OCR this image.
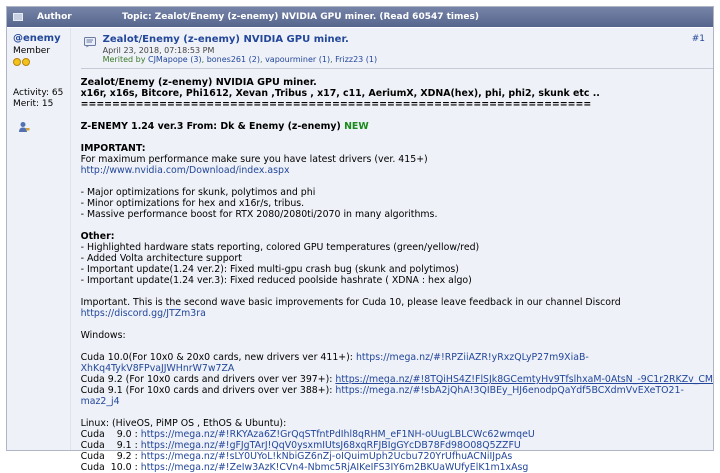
Author	Topic: Zealot/Enemy (z-enemy) NVIDIA GPU miner. (Read 60547 times)
@enemy
Member
Activity: 65
Merit: 15
Zealot/Enemy (z-enemy) NVIDIA GPU miner.
April 23, 2018, 07:18:53 PM
Merited by CJMapope (3), bones261 (2), vapourminer (1), Frizz23 (1)
#1
Zealot/Enemy (z-enemy) NVIDIA GPU miner.
x16r, x16s, Bitcore, Phi1612, Xevan ,Tribus , x17, c11, AeriumX, XDNA(hex), phi, phi2, skunk etc ..
=================================================================
Z-ENEMY 1.24 ver.3 From: Dk & Enemy (z-enemy) NEW
IMPORTANT:
For maximum performance make sure you have latest drivers (ver. 415+)
http://www.nvidia.com/Download/index.aspx
- Major optimizations for skunk, polytimos and phi
- Minor optimizations for hex and x16r/s, tribus.
- Massive performance boost for RTX 2080/2080ti/2070 in many algorithms.
Other:
- Highlighted hardware stats reporting, colored GPU temperatures (green/yellow/red)
- Added Volta architecture support
- Important update(1.24 ver.2): Fixed multi-gpu crash bug (skunk and polytimos)
- Important update(1.24 ver.3): Fixed reduced poolside hashrate ( XDNA : hex algo)
Important. This is the second wave basic improvements for Cuda 10, please leave feedback in our channel Discord
https://discord.gg/JTZm3ra
Windows:
Cuda 10.0(For 10x0 & 20x0 cards, new drivers ver 411+): https://mega.nz/#!RPZiiAZR!yRxzQLyP27m9XiaB-
XhKq4TykV8FPvaJJWHnrW7w7ZA
Cuda 9.2 (For 10x0 cards and drivers over ver 397+): https://mega.nz/#!8TQiHS4Z!FlSJk8GCemtyHv9TfslhxaM-0AtsN_-9C1r2RKZv_CM
Cuda 9.1 (For 10x0 cards and drivers over ver 388+): https://mega.nz/#!sbA2jQhA!3QIBEy_HJ6enodpQaYdf5BCXdmVvEXeTO21-
maz2_j4
Linux: (HiveOS, PiMP OS , EthOS & Ubuntu):
Cuda    9.0 : https://mega.nz/#!RKYAza6Z!GrQqSTfntPdIhl8qRHM_eF1NH-oUugLBLCWc62wmqeU
Cuda    9.1 : https://mega.nz/#!gFJgTArJ!QqV0ysxmIUtsJ68xqRFJBIgGYcDB78Fd98O08Q5ZZFU
Cuda    9.2 : https://mega.nz/#!sLY0UYoL!kNbiGZ6nZj-oIQuimUph2Ucbu720YrUfhuACNiIJpAs
Cuda  10.0 : https://mega.nz/#!ZeIw3AzK!CVn4-Nbmc5RjAIKeIFS3IY6m2BKUaWUfyElK1m1xAsg
